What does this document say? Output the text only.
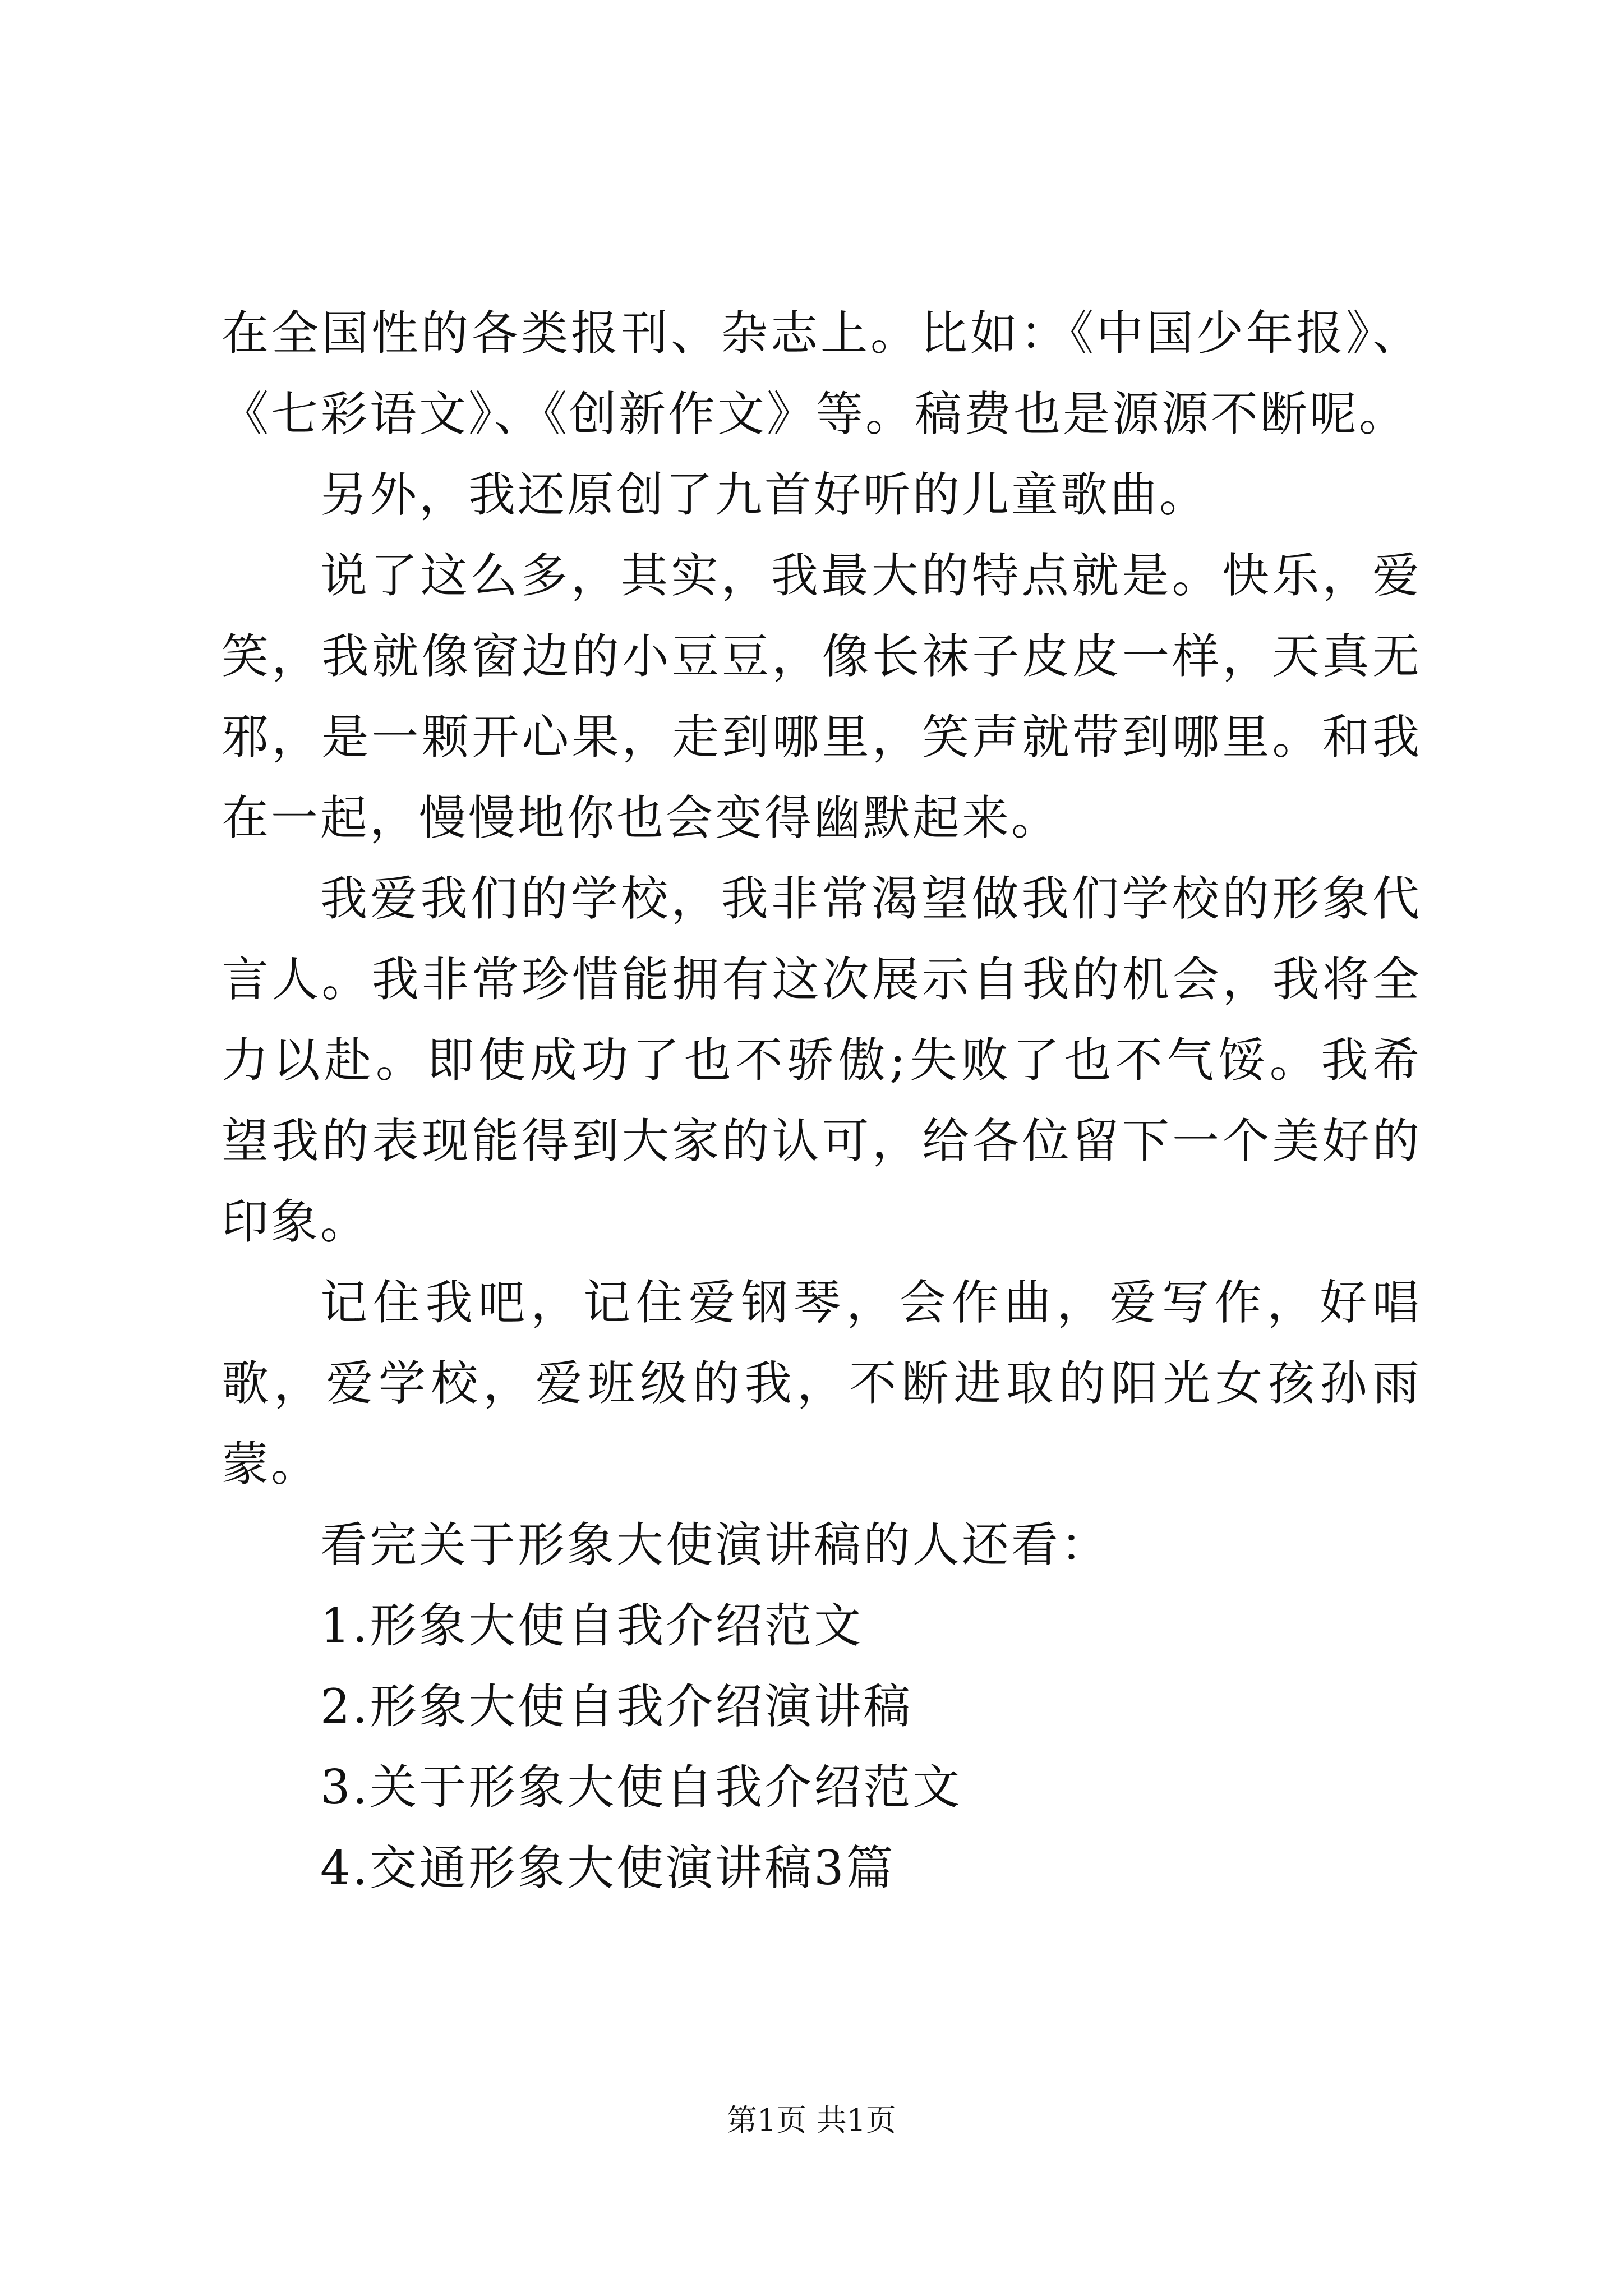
在全国性的各类报刊、杂志上。比如：《中国少年报》、《七彩语文》、《创新作文》等。稿费也是源源不断呢。

另外，我还原创了九首好听的儿童歌曲。

说了这么多，其实，我最大的特点就是。快乐，爱笑，我就像窗边的小豆豆，像长袜子皮皮一样，天真无邪，是一颗开心果，走到哪里，笑声就带到哪里。和我在一起，慢慢地你也会变得幽默起来。

我爱我们的学校，我非常渴望做我们学校的形象代言人。我非常珍惜能拥有这次展示自我的机会，我将全力以赴。即使成功了也不骄傲;失败了也不气馁。我希望我的表现能得到大家的认可，给各位留下一个美好的印象。

记住我吧，记住爱钢琴，会作曲，爱写作，好唱歌，爱学校，爱班级的我，不断进取的阳光女孩孙雨蒙。

看完关于形象大使演讲稿的人还看：

1.形象大使自我介绍范文

2.形象大使自我介绍演讲稿

3.关于形象大使自我介绍范文

4.交通形象大使演讲稿3篇

第1页 共1页
